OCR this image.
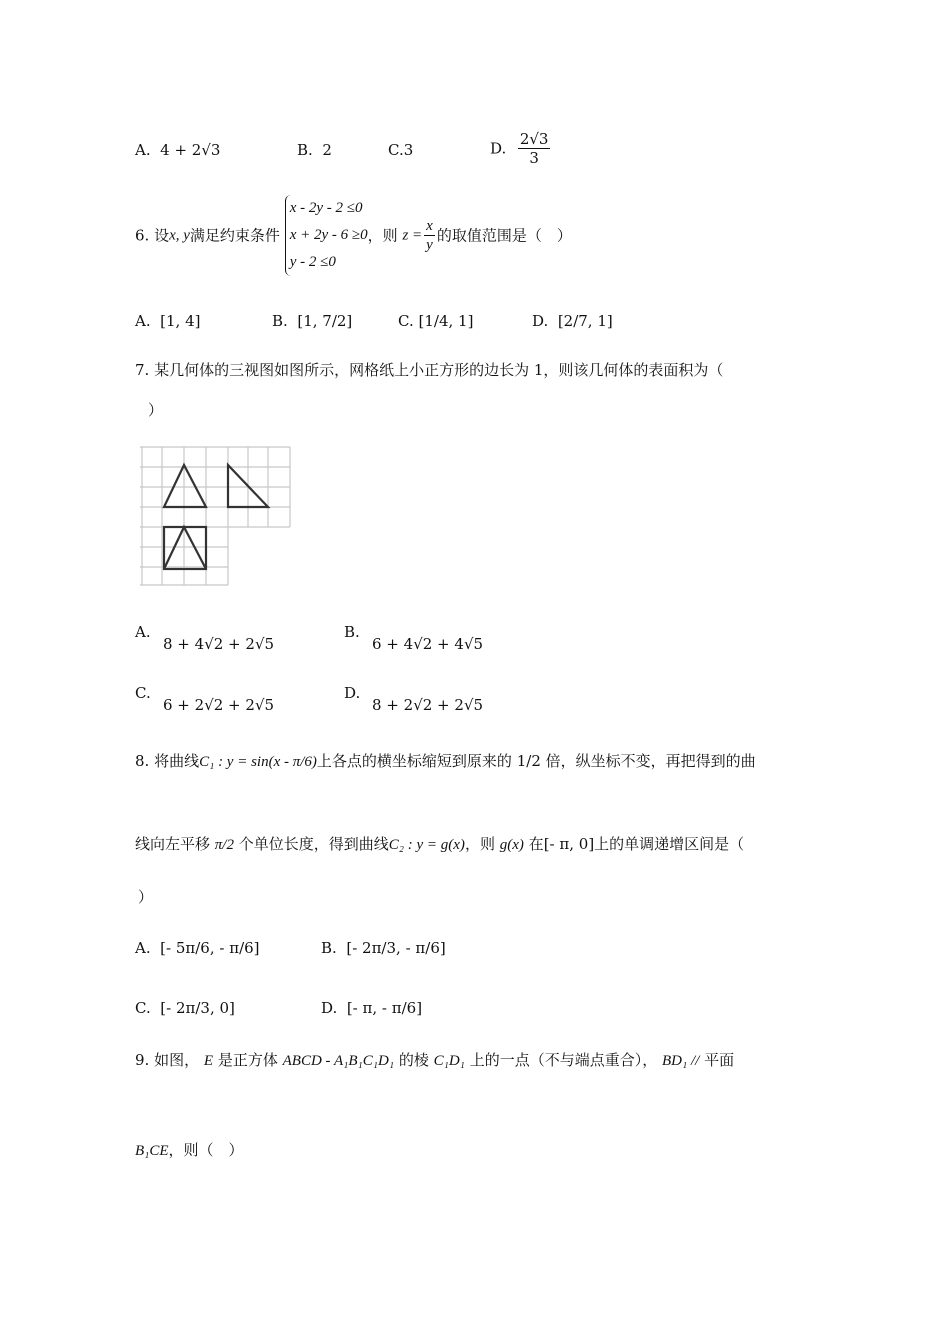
A. 4 + 2√3	B. 2	C.3	D. $\frac{2√3}{3}$
6. 设x, y满足约束条件 x - 2y - 2 ≤0
x + 2y - 6 ≥0
y - 2 ≤0，则 $z = \frac{x}{y}$ 的取值范围是（　）
A. [1, 4]	B. [1, 7/2]	C. [1/4, 1]	D. [2/7, 1]
7. 某几何体的三视图如图所示，网格纸上小正方形的边长为 1，则该几何体的表面积为（
）
A.
8 + 4√2 + 2√5
B.
6 + 4√2 + 4√5
C.
6 + 2√2 + 2√5
D.
8 + 2√2 + 2√5
8. 将曲线C₁ : y = sin(x - π/6)上各点的横坐标缩短到原来的 1/2 倍，纵坐标不变，再把得到的曲
线向左平移 π/2 个单位长度，得到曲线C₂ : y = g(x)，则 g(x) 在[- π, 0]上的单调递增区间是（
）
A. [- 5π/6, - π/6]	B. [- 2π/3, - π/6]
C. [- 2π/3, 0]	D. [- π, - π/6]
9. 如图， E 是正方体 ABCD - A₁B₁C₁D₁ 的棱 C₁D₁ 上的一点（不与端点重合）， BD₁ // 平面
B₁CE，则（　）
